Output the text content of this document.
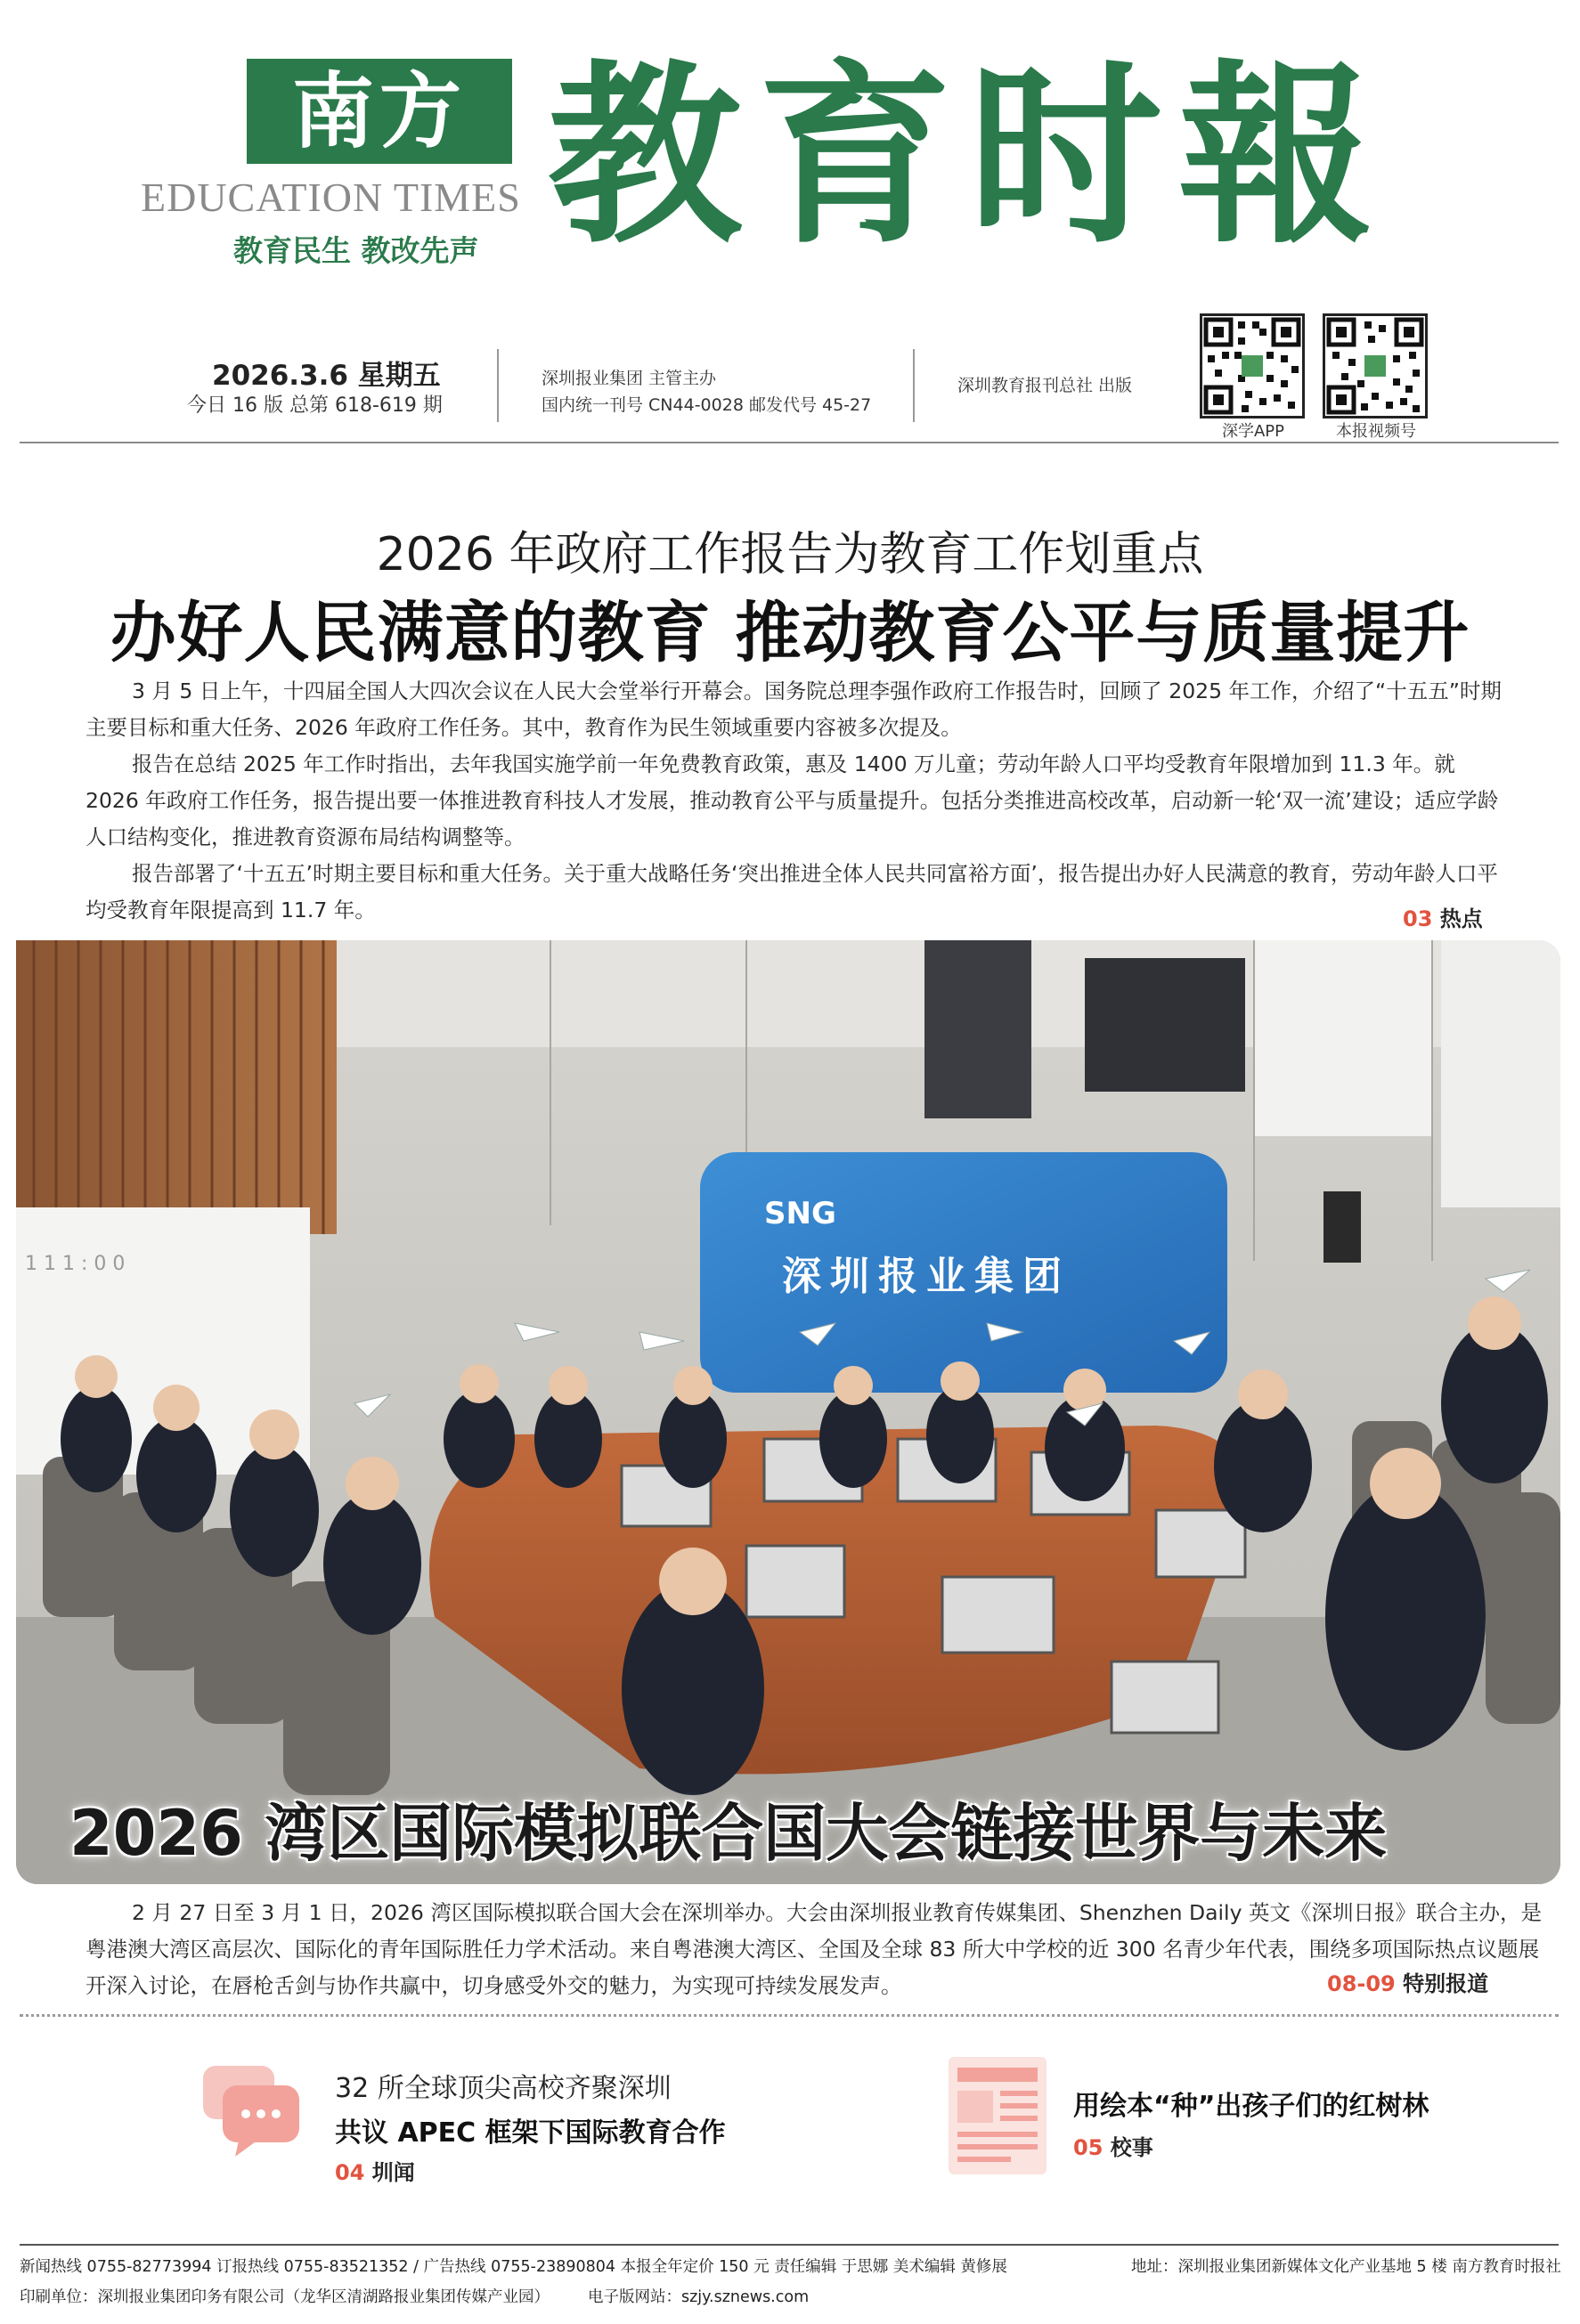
南方
EDUCATION TIMES
教育民生 教改先声 教育时報
2026.3.6 星期五
今日 16 版 总第 618-619 期
深圳报业集团 主管主办
国内统一刊号 CN44-0028 邮发代号 45-27
深圳教育报刊总社 出版
深学APP	本报视频号
2026 年政府工作报告为教育工作划重点
办好人民满意的教育 推动教育公平与质量提升

3 月 5 日上午，十四届全国人大四次会议在人民大会堂举行开幕会。国务院总理李强作政府工作报告时，回顾了 2025 年工作，介绍了“十五五”时期主要目标和重大任务、2026 年政府工作任务。其中，教育作为民生领域重要内容被多次提及。

报告在总结 2025 年工作时指出，去年我国实施学前一年免费教育政策，惠及 1400 万儿童；劳动年龄人口平均受教育年限增加到 11.3 年。就 2026 年政府工作任务，报告提出要一体推进教育科技人才发展，推动教育公平与质量提升。包括分类推进高校改革，启动新一轮‘双一流’建设；适应学龄人口结构变化，推进教育资源布局结构调整等。

报告部署了‘十五五’时期主要目标和重大任务。关于重大战略任务‘突出推进全体人民共同富裕方面’，报告提出办好人民满意的教育，劳动年龄人口平均受教育年限提高到 11.7 年。	03 热点
1 1 1 : 0 0
SNG
深圳报业集团
2026 湾区国际模拟联合国大会链接世界与未来

2 月 27 日至 3 月 1 日，2026 湾区国际模拟联合国大会在深圳举办。大会由深圳报业教育传媒集团、Shenzhen Daily 英文《深圳日报》联合主办，是粤港澳大湾区高层次、国际化的青年国际胜任力学术活动。来自粤港澳大湾区、全国及全球 83 所大中学校的近 300 名青少年代表，围绕多项国际热点议题展开深入讨论，在唇枪舌剑与协作共赢中，切身感受外交的魅力，为实现可持续发展发声。	08-09 特别报道
32 所全球顶尖高校齐聚深圳
共议 APEC 框架下国际教育合作
04 圳闻
用绘本“种”出孩子们的红树林
05 校事
新闻热线 0755-82773994 订报热线 0755-83521352 / 广告热线 0755-23890804 本报全年定价 150 元 责任编辑 于思娜 美术编辑 黄修展	地址：深圳报业集团新媒体文化产业基地 5 楼 南方教育时报社
印刷单位：深圳报业集团印务有限公司（龙华区清湖路报业集团传媒产业园） 电子版网站：szjy.sznews.com
